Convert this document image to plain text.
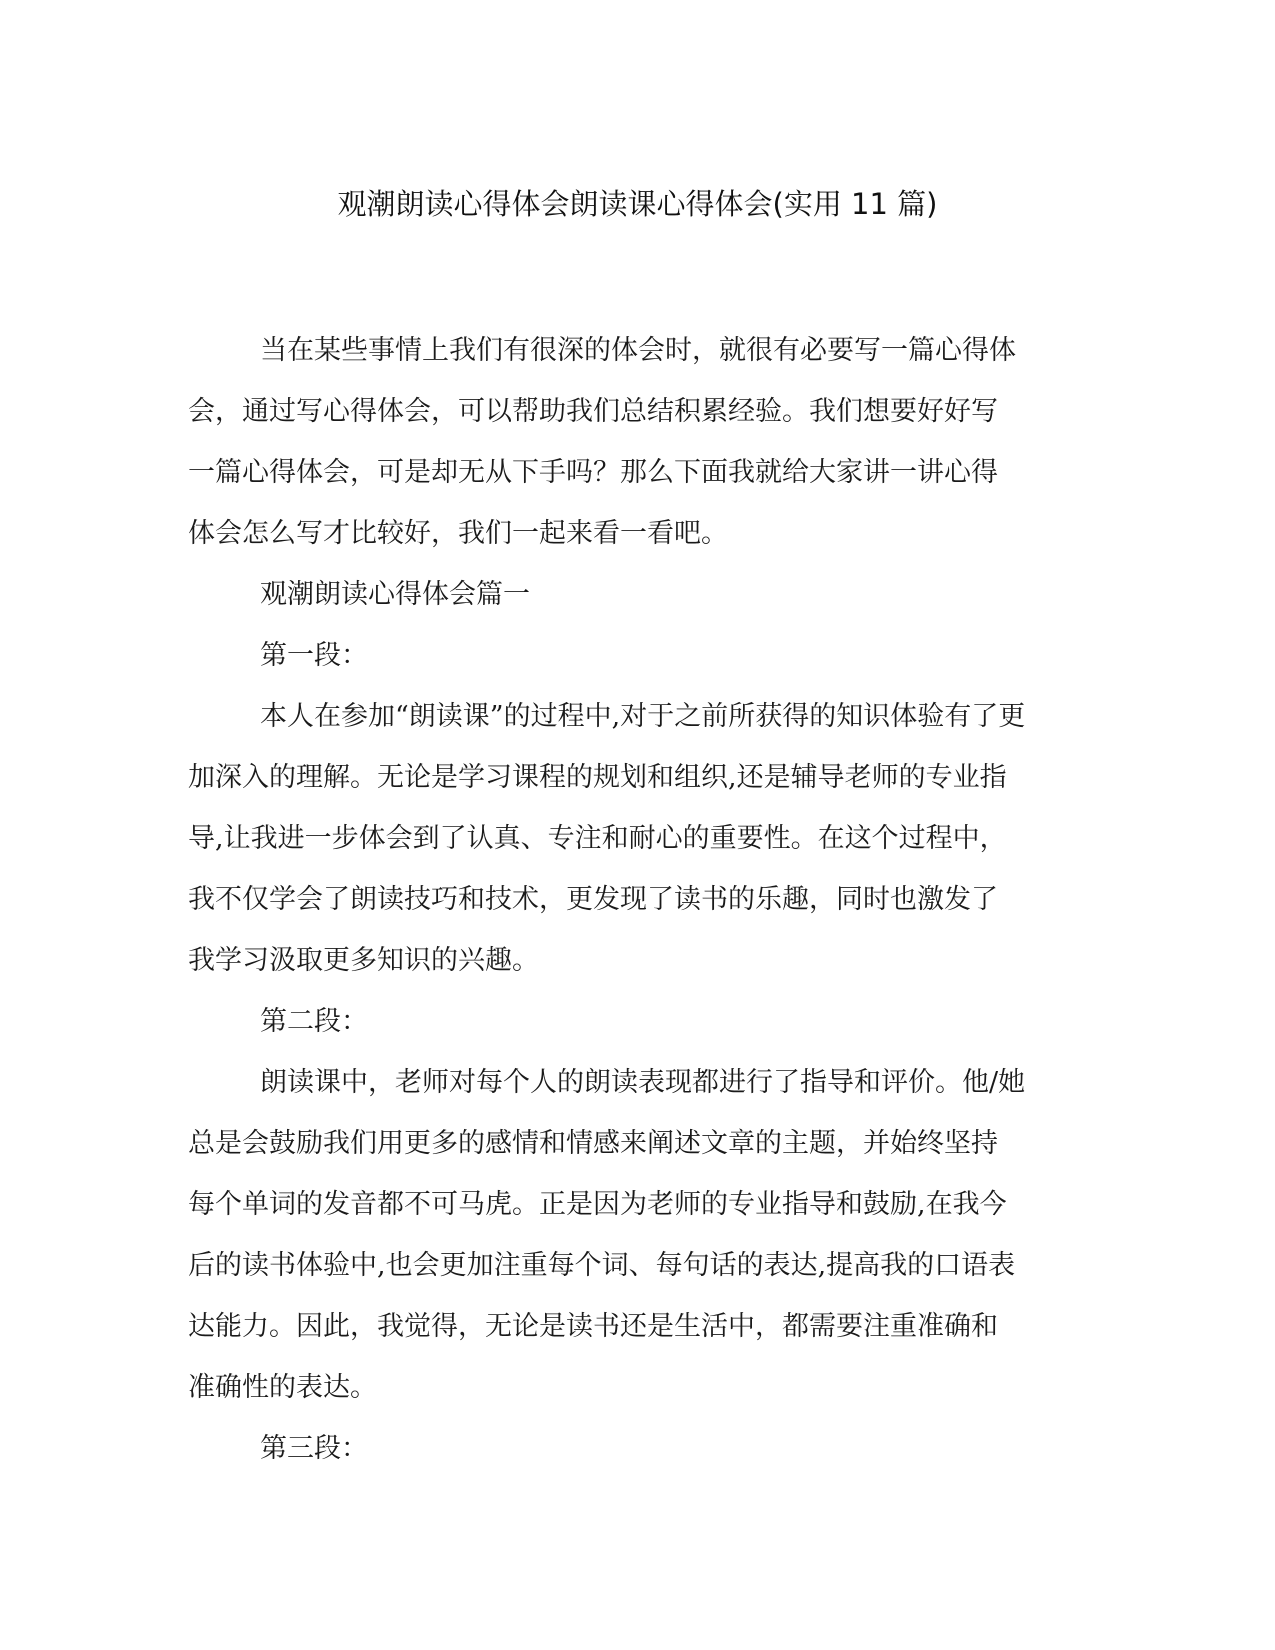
观潮朗读心得体会朗读课心得体会(实用 11 篇)
当在某些事情上我们有很深的体会时，就很有必要写一篇心得体
会，通过写心得体会，可以帮助我们总结积累经验。我们想要好好写
一篇心得体会，可是却无从下手吗？那么下面我就给大家讲一讲心得
体会怎么写才比较好，我们一起来看一看吧。
观潮朗读心得体会篇一
第一段：
本人在参加“朗读课”的过程中,对于之前所获得的知识体验有了更
加深入的理解。无论是学习课程的规划和组织,还是辅导老师的专业指
导,让我进一步体会到了认真、专注和耐心的重要性。在这个过程中，
我不仅学会了朗读技巧和技术，更发现了读书的乐趣，同时也激发了
我学习汲取更多知识的兴趣。
第二段：
朗读课中，老师对每个人的朗读表现都进行了指导和评价。他/她
总是会鼓励我们用更多的感情和情感来阐述文章的主题，并始终坚持
每个单词的发音都不可马虎。正是因为老师的专业指导和鼓励,在我今
后的读书体验中,也会更加注重每个词、每句话的表达,提高我的口语表
达能力。因此，我觉得，无论是读书还是生活中，都需要注重准确和
准确性的表达。
第三段：
